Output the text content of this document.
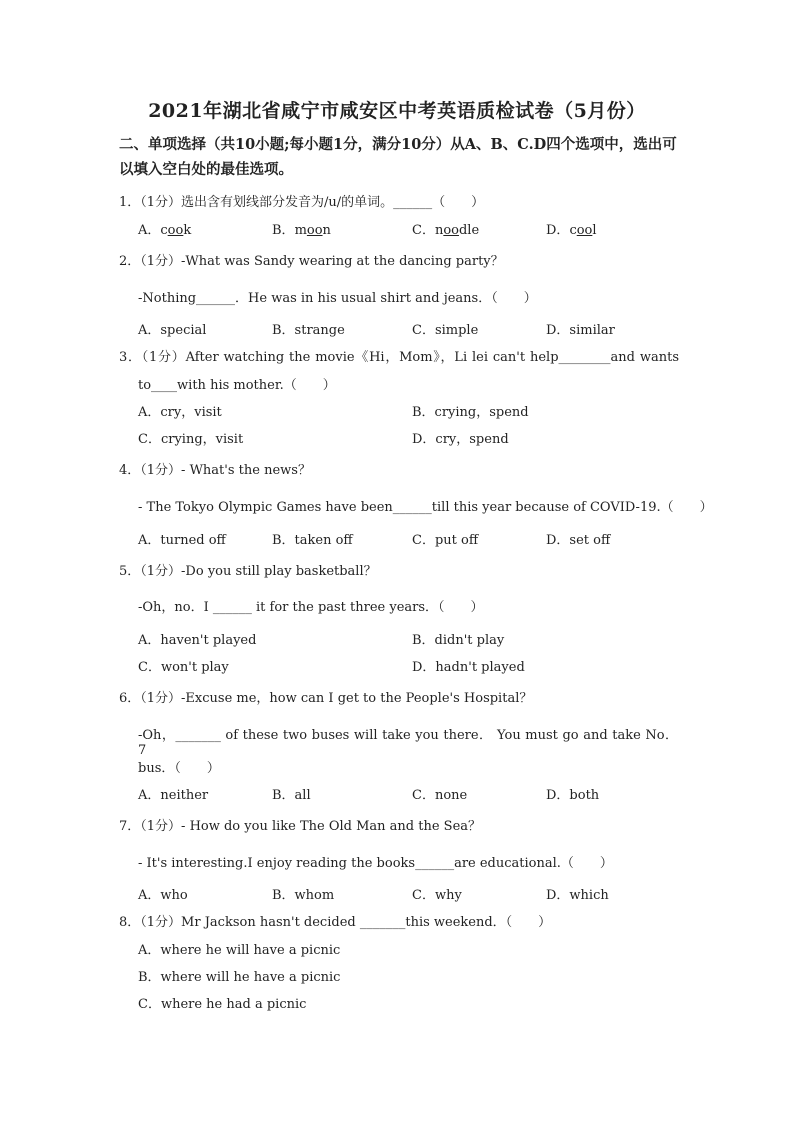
2021年湖北省咸宁市咸安区中考英语质检试卷（5月份）
二、单项选择（共10小题;每小题1分，满分10分）从A、B、C.D四个选项中，选出可以填入空白处的最佳选项。
1．（1分）选出含有划线部分发音为/u/的单词。______（　　）
A．cook	B．moon	C．noodle	D．cool
2．（1分）-What was Sandy wearing at the dancing party？
-Nothing______．He was in his usual shirt and jeans．（　　）
A．special	B．strange	C．simple	D．similar
3．（1分）After watching the movie《Hi，Mom》，Li lei can't help________and wants
to____with his mother.（　　）
A．cry，visit	B．crying，spend
C．crying，visit	D．cry，spend
4．（1分）- What's the news？
- The Tokyo Olympic Games have been______till this year because of COVID-19.（　　）
A．turned off	B．taken off	C．put off	D．set off
5．（1分）-Do you still play basketball？
-Oh，no．I ______ it for the past three years．（　　）
A．haven't played	B．didn't play
C．won't play	D．hadn't played
6．（1分）-Excuse me，how can I get to the People's Hospital？
-Oh，_______ of these two buses will take you there． You must go and take No． 7
bus．（　　）
A．neither	B．all	C．none	D．both
7．（1分）- How do you like The Old Man and the Sea？
- It's interesting.I enjoy reading the books______are educational.（　　）
A．who	B．whom	C．why	D．which
8．（1分）Mr Jackson hasn't decided _______this weekend．（　　）
A．where he will have a picnic
B．where will he have a picnic
C．where he had a picnic
